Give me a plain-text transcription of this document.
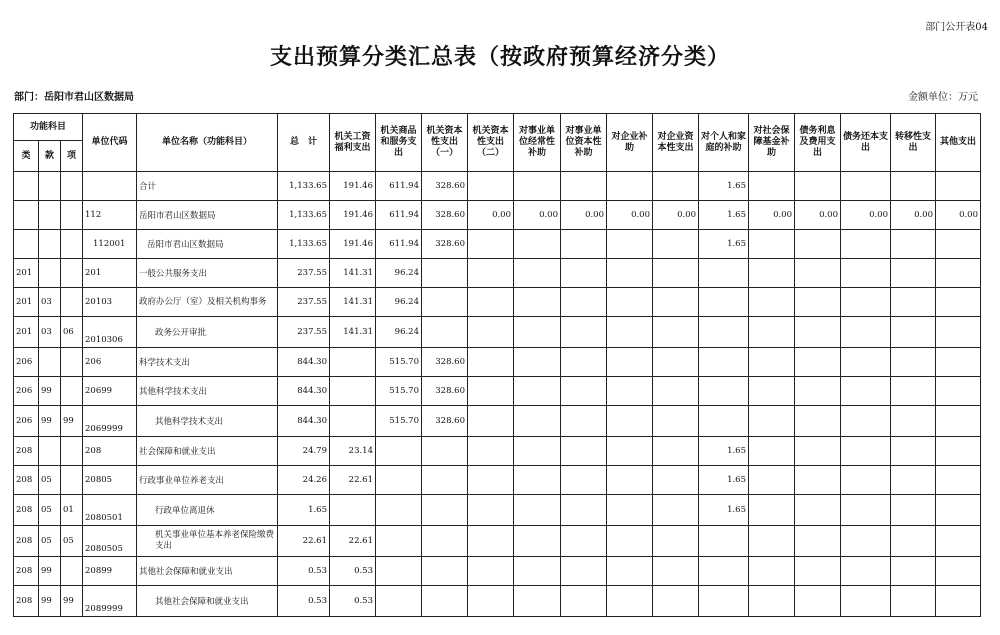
部门公开表04
支出预算分类汇总表（按政府预算经济分类）
部门：岳阳市君山区数据局	金额单位：万元
功能科目			单位代码	单位名称（功能科目）	总　计	机关工资福利支出	机关商品和服务支出	机关资本性支出（一）	机关资本性支出（二）	对事业单位经常性补助	对事业单位资本性补助	对企业补助	对企业资本性支出	对个人和家庭的补助	对社会保障基金补助	债务利息及费用支出	债务还本支出	转移性支出	其他支出
类	款	项																	
				合计	1,133.65	191.46	611.94	328.60						1.65					
			112	岳阳市君山区数据局	1,133.65	191.46	611.94	328.60	0.00	0.00	0.00	0.00	0.00	1.65	0.00	0.00	0.00	0.00	0.00
			112001	岳阳市君山区数据局	1,133.65	191.46	611.94	328.60						1.65					
201			201	一般公共服务支出	237.55	141.31	96.24												
201	03		20103	政府办公厅（室）及相关机构事务	237.55	141.31	96.24												
201	03	06	2010306	政务公开审批	237.55	141.31	96.24												
206			206	科学技术支出	844.30		515.70	328.60											
206	99		20699	其他科学技术支出	844.30		515.70	328.60											
206	99	99	2069999	其他科学技术支出	844.30		515.70	328.60											
208			208	社会保障和就业支出	24.79	23.14								1.65					
208	05		20805	行政事业单位养老支出	24.26	22.61								1.65					
208	05	01	2080501	行政单位离退休	1.65									1.65					
208	05	05	2080505	机关事业单位基本养老保险缴费支出	22.61	22.61													
208	99		20899	其他社会保障和就业支出	0.53	0.53													
208	99	99	2089999	其他社会保障和就业支出	0.53	0.53													
